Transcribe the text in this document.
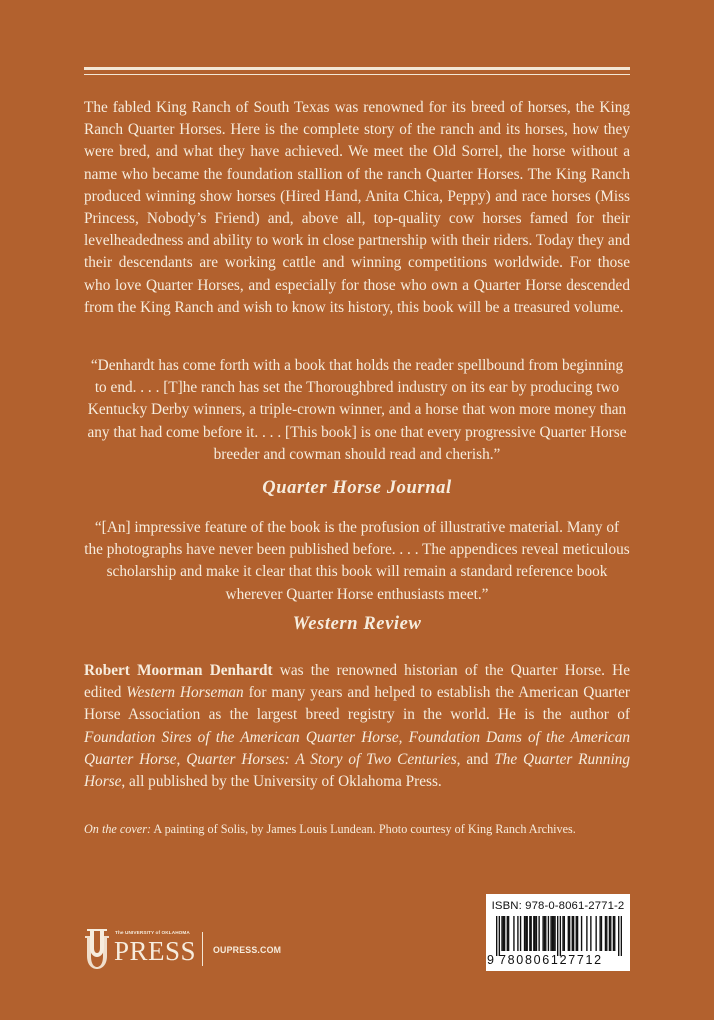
The fabled King Ranch of South Texas was renowned for its breed of horses, the King Ranch Quarter Horses. Here is the complete story of the ranch and its horses, how they were bred, and what they have achieved. We meet the Old Sorrel, the horse without a name who became the foundation stallion of the ranch Quarter Horses. The King Ranch produced winning show horses (Hired Hand, Anita Chica, Peppy) and race horses (Miss Princess, Nobody’s Friend) and, above all, top-quality cow horses famed for their levelheadedness and ability to work in close partnership with their riders. Today they and their descendants are working cattle and winning competitions worldwide. For those who love Quarter Horses, and especially for those who own a Quarter Horse descended from the King Ranch and wish to know its history, this book will be a treasured volume.

“Denhardt has come forth with a book that holds the reader spellbound from beginning to end. . . . [T]he ranch has set the Thoroughbred industry on its ear by producing two Kentucky Derby winners, a triple-crown winner, and a horse that won more money than any that had come before it. . . . [This book] is one that every progressive Quarter Horse breeder and cowman should read and cherish.”

Quarter Horse Journal

“[An] impressive feature of the book is the profusion of illustrative material. Many of the photographs have never been published before. . . . The appendices reveal meticulous scholarship and make it clear that this book will remain a standard reference book wherever Quarter Horse enthusiasts meet.”

Western Review

Robert Moorman Denhardt was the renowned historian of the Quarter Horse. He edited Western Horseman for many years and helped to establish the American Quarter Horse Association as the largest breed registry in the world. He is the author of Foundation Sires of the American Quarter Horse, Foundation Dams of the American Quarter Horse, Quarter Horses: A Story of Two Centuries, and The Quarter Running Horse, all published by the University of Oklahoma Press.

On the cover: A painting of Solis, by James Louis Lundean. Photo courtesy of King Ranch Archives.

The UNIVERSITY of OKLAHOMA
PRESS OUPRESS.COM
ISBN: 978-0-8061-2771-2
9 780806127712
